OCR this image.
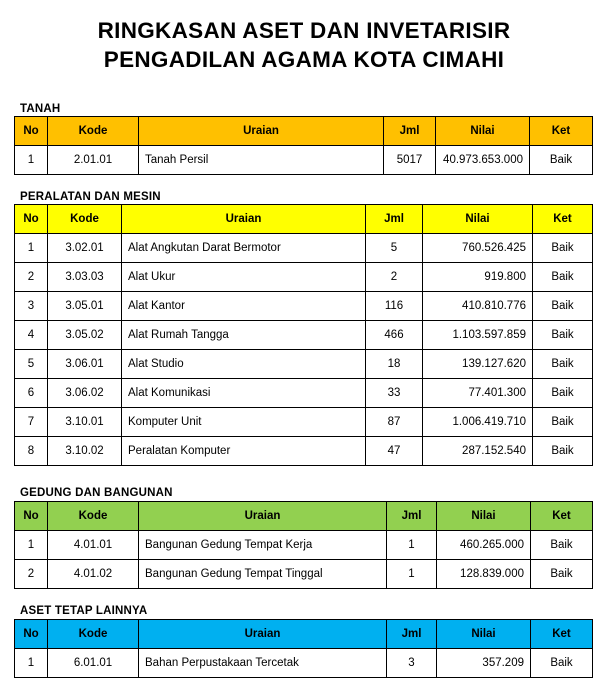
RINGKASAN ASET DAN INVETARISIR
PENGADILAN AGAMA KOTA CIMAHI
TANAH
No	Kode	Uraian	Jml	Nilai	Ket
1	2.01.01	Tanah Persil	5017	40.973.653.000	Baik
PERALATAN DAN MESIN
No	Kode	Uraian	Jml	Nilai	Ket
1	3.02.01	Alat Angkutan Darat Bermotor	5	760.526.425	Baik
2	3.03.03	Alat Ukur	2	919.800	Baik
3	3.05.01	Alat Kantor	116	410.810.776	Baik
4	3.05.02	Alat Rumah Tangga	466	1.103.597.859	Baik
5	3.06.01	Alat Studio	18	139.127.620	Baik
6	3.06.02	Alat Komunikasi	33	77.401.300	Baik
7	3.10.01	Komputer Unit	87	1.006.419.710	Baik
8	3.10.02	Peralatan Komputer	47	287.152.540	Baik
GEDUNG DAN BANGUNAN
No	Kode	Uraian	Jml	Nilai	Ket
1	4.01.01	Bangunan Gedung Tempat Kerja	1	460.265.000	Baik
2	4.01.02	Bangunan Gedung Tempat Tinggal	1	128.839.000	Baik
ASET TETAP LAINNYA
No	Kode	Uraian	Jml	Nilai	Ket
1	6.01.01	Bahan Perpustakaan Tercetak	3	357.209	Baik
